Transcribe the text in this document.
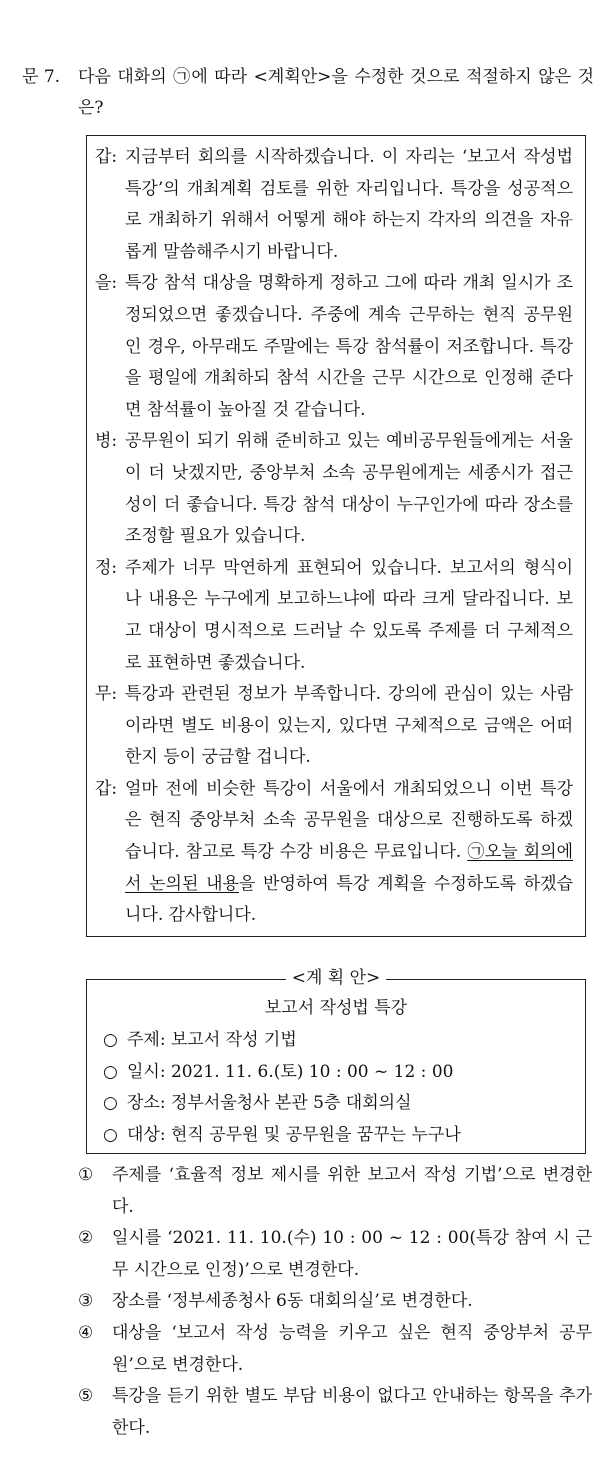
문 7.	다음 대화의 ㉠에 따라 <계획안>을 수정한 것으로 적절하지 않은 것은?
갑: 지금부터 회의를 시작하겠습니다. 이 자리는 ‘보고서 작성법 특강’의 개최계획 검토를 위한 자리입니다. 특강을 성공적으로 개최하기 위해서 어떻게 해야 하는지 각자의 의견을 자유롭게 말씀해주시기 바랍니다.
을: 특강 참석 대상을 명확하게 정하고 그에 따라 개최 일시가 조정되었으면 좋겠습니다. 주중에 계속 근무하는 현직 공무원인 경우, 아무래도 주말에는 특강 참석률이 저조합니다. 특강을 평일에 개최하되 참석 시간을 근무 시간으로 인정해 준다면 참석률이 높아질 것 같습니다.
병: 공무원이 되기 위해 준비하고 있는 예비공무원들에게는 서울이 더 낫겠지만, 중앙부처 소속 공무원에게는 세종시가 접근성이 더 좋습니다. 특강 참석 대상이 누구인가에 따라 장소를 조정할 필요가 있습니다.
정: 주제가 너무 막연하게 표현되어 있습니다. 보고서의 형식이나 내용은 누구에게 보고하느냐에 따라 크게 달라집니다. 보고 대상이 명시적으로 드러날 수 있도록 주제를 더 구체적으로 표현하면 좋겠습니다.
무: 특강과 관련된 정보가 부족합니다. 강의에 관심이 있는 사람이라면 별도 비용이 있는지, 있다면 구체적으로 금액은 어떠한지 등이 궁금할 겁니다.
갑: 얼마 전에 비슷한 특강이 서울에서 개최되었으니 이번 특강은 현직 중앙부처 소속 공무원을 대상으로 진행하도록 하겠습니다. 참고로 특강 수강 비용은 무료입니다. ㉠오늘 회의에서 논의된 내용을 반영하여 특강 계획을 수정하도록 하겠습니다. 감사합니다.
<계 획 안>
보고서 작성법 특강
○ 주제: 보고서 작성 기법
○ 일시: 2021. 11. 6.(토) 10 : 00 ~ 12 : 00
○ 장소: 정부서울청사 본관 5층 대회의실
○ 대상: 현직 공무원 및 공무원을 꿈꾸는 누구나
①	주제를 ‘효율적 정보 제시를 위한 보고서 작성 기법’으로 변경한다.
②	일시를 ‘2021. 11. 10.(수) 10 : 00 ~ 12 : 00(특강 참여 시 근무 시간으로 인정)’으로 변경한다.
③	장소를 ‘정부세종청사 6동 대회의실’로 변경한다.
④	대상을 ‘보고서 작성 능력을 키우고 싶은 현직 중앙부처 공무원’으로 변경한다.
⑤	특강을 듣기 위한 별도 부담 비용이 없다고 안내하는 항목을 추가한다.
